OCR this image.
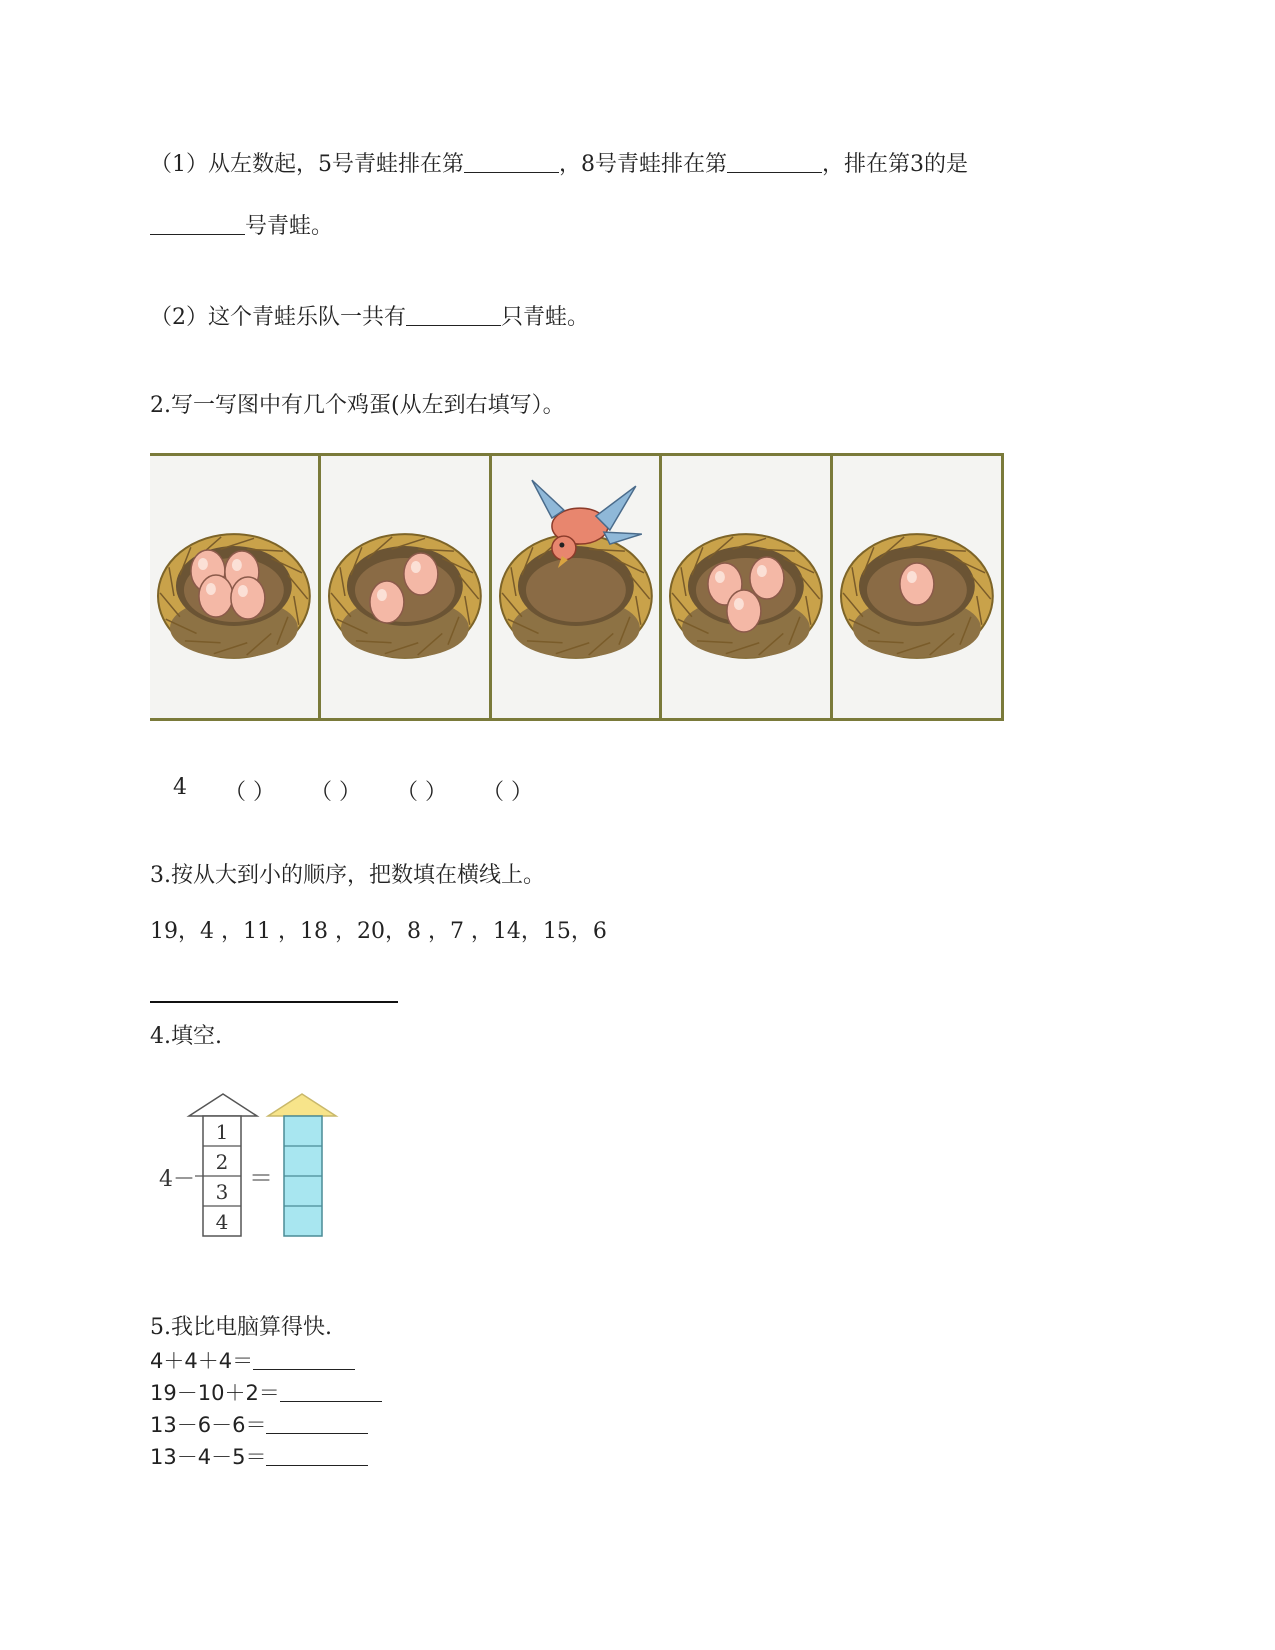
（1）从左数起，5号青蛙排在第	，8号青蛙排在第	，排在第3的是
号青蛙。
（2）这个青蛙乐队一共有	只青蛙。
2.写一写图中有几个鸡蛋(从左到右填写）。
4 （ ） （ ） （ ） （ ）
3.按从大到小的顺序，把数填在横线上。
19，4 ，11 ，18 ，20，8 ，7 ，14，15，6
4.填空.
4－
1
2
3
4
＝
5.我比电脑算得快.
4＋4＋4＝
19－10＋2＝
13－6－6＝
13－4－5＝
